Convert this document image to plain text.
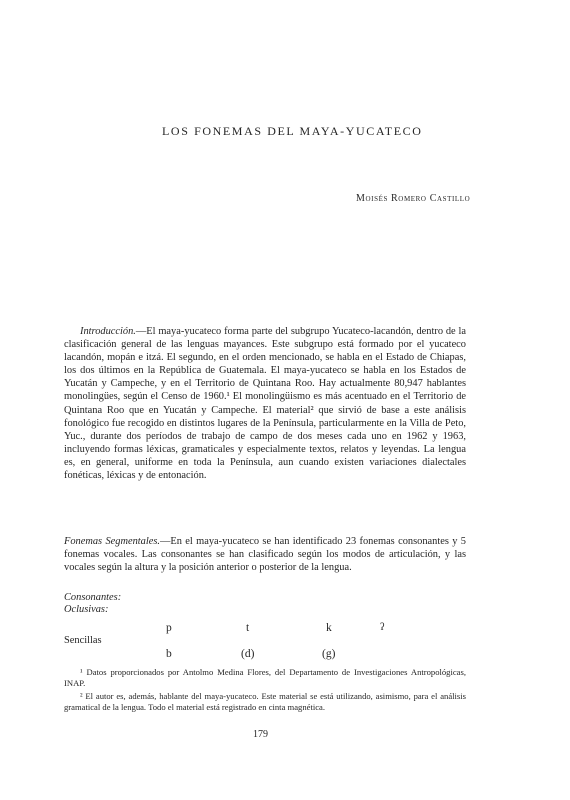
LOS FONEMAS DEL MAYA-YUCATECO
Moisés Romero Castillo

Introducción.—El maya-yucateco forma parte del subgrupo Yucateco-lacandón, dentro de la clasificación general de las lenguas mayances. Este subgrupo está formado por el yucateco lacandón, mopán e itzá. El segundo, en el orden mencionado, se habla en el Estado de Chiapas, los dos últimos en la República de Guatemala. El maya-yucateco se habla en los Estados de Yucatán y Campeche, y en el Territorio de Quintana Roo. Hay actualmente 80,947 hablantes monolingües, según el Censo de 1960.¹ El monolingüismo es más acentuado en el Territorio de Quintana Roo que en Yucatán y Campeche. El material² que sirvió de base a este análisis fonológico fue recogido en distintos lugares de la Península, particularmente en la Villa de Peto, Yuc., durante dos períodos de trabajo de campo de dos meses cada uno en 1962 y 1963, incluyendo formas léxicas, gramaticales y especialmente textos, relatos y leyendas. La lengua es, en general, uniforme en toda la Península, aun cuando existen variaciones dialectales fonéticas, léxicas y de entonación.

Fonemas Segmentales.—En el maya-yucateco se han identificado 23 fonemas consonantes y 5 fonemas vocales. Las consonantes se han clasificado según los modos de articulación, y las vocales según la altura y la posición anterior o posterior de la lengua.

Consonantes:
Oclusivas:
Sencillas
p	t	k	ʔ
b	(d)	(g)

¹ Datos proporcionados por Antolmo Medina Flores, del Departamento de Investigaciones Antropológicas, INAP.

² El autor es, además, hablante del maya-yucateco. Este material se está utilizando, asimismo, para el análisis gramatical de la lengua. Todo el material está registrado en cinta magnética.

179
